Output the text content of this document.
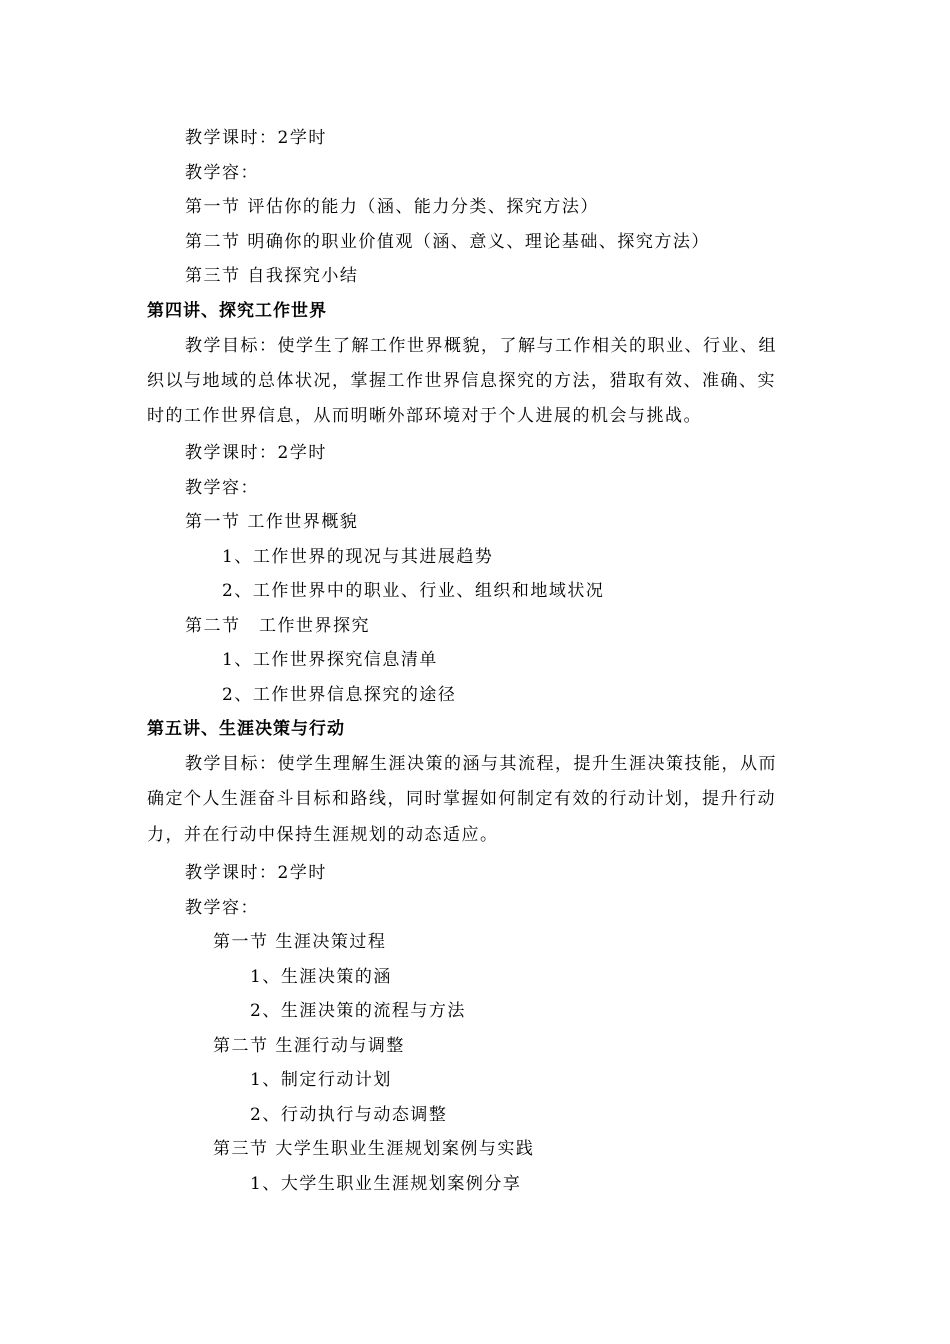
教学课时：2学时
教学容：
第一节 评估你的能力（涵、能力分类、探究方法）
第二节 明确你的职业价值观（涵、意义、理论基础、探究方法）
第三节 自我探究小结
第四讲、探究工作世界
教学目标：使学生了解工作世界概貌，了解与工作相关的职业、行业、组
织以与地域的总体状况，掌握工作世界信息探究的方法，猎取有效、准确、实
时的工作世界信息，从而明晰外部环境对于个人进展的机会与挑战。
教学课时：2学时
教学容：
第一节 工作世界概貌
1、工作世界的现况与其进展趋势
2、工作世界中的职业、行业、组织和地域状况
第二节　工作世界探究
1、工作世界探究信息清单
2、工作世界信息探究的途径
第五讲、生涯决策与行动
教学目标：使学生理解生涯决策的涵与其流程，提升生涯决策技能，从而
确定个人生涯奋斗目标和路线，同时掌握如何制定有效的行动计划，提升行动
力，并在行动中保持生涯规划的动态适应。
教学课时：2学时
教学容：
第一节 生涯决策过程
1、生涯决策的涵
2、生涯决策的流程与方法
第二节 生涯行动与调整
1、制定行动计划
2、行动执行与动态调整
第三节 大学生职业生涯规划案例与实践
1、大学生职业生涯规划案例分享
